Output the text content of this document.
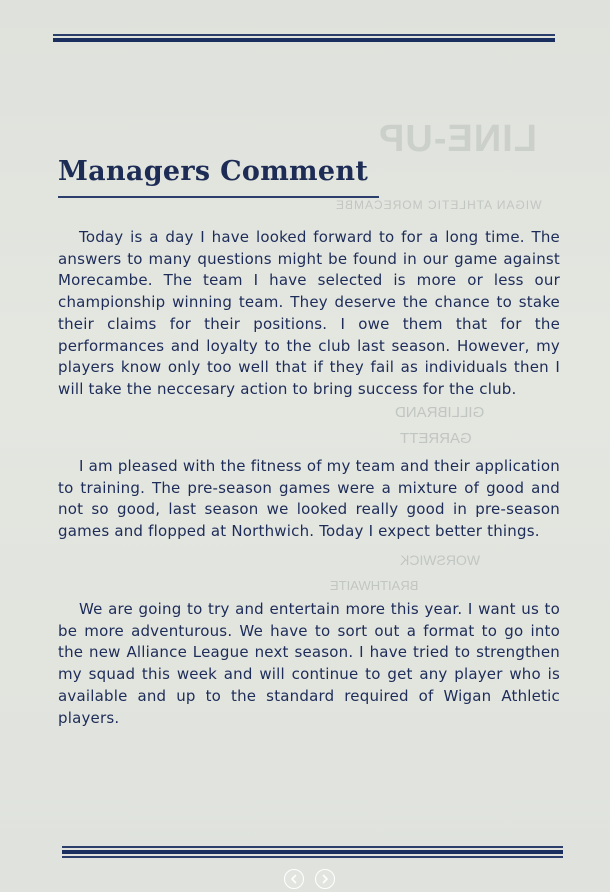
LINE-UP
WIGAN ATHLETIC MORECAMBE
GILLIBRAND
GARRETT
WORSWICK
BRAITHWAITE
Managers Comment

Today is a day I have looked forward to for a long time. The answers to many questions might be found in our game against Morecambe. The team I have selected is more or less our championship winning team. They deserve the chance to stake their claims for their positions. I owe them that for the performances and loyalty to the club last season. However, my players know only too well that if they fail as individuals then I will take the neccesary action to bring success for the club.

I am pleased with the fitness of my team and their application to training. The pre-season games were a mixture of good and not so good, last season we looked really good in pre-season games and flopped at Northwich. Today I expect better things.

We are going to try and entertain more this year. I want us to be more adventurous. We have to sort out a format to go into the new Alliance League next season. I have tried to strengthen my squad this week and will continue to get any player who is available and up to the standard required of Wigan Athletic players.
